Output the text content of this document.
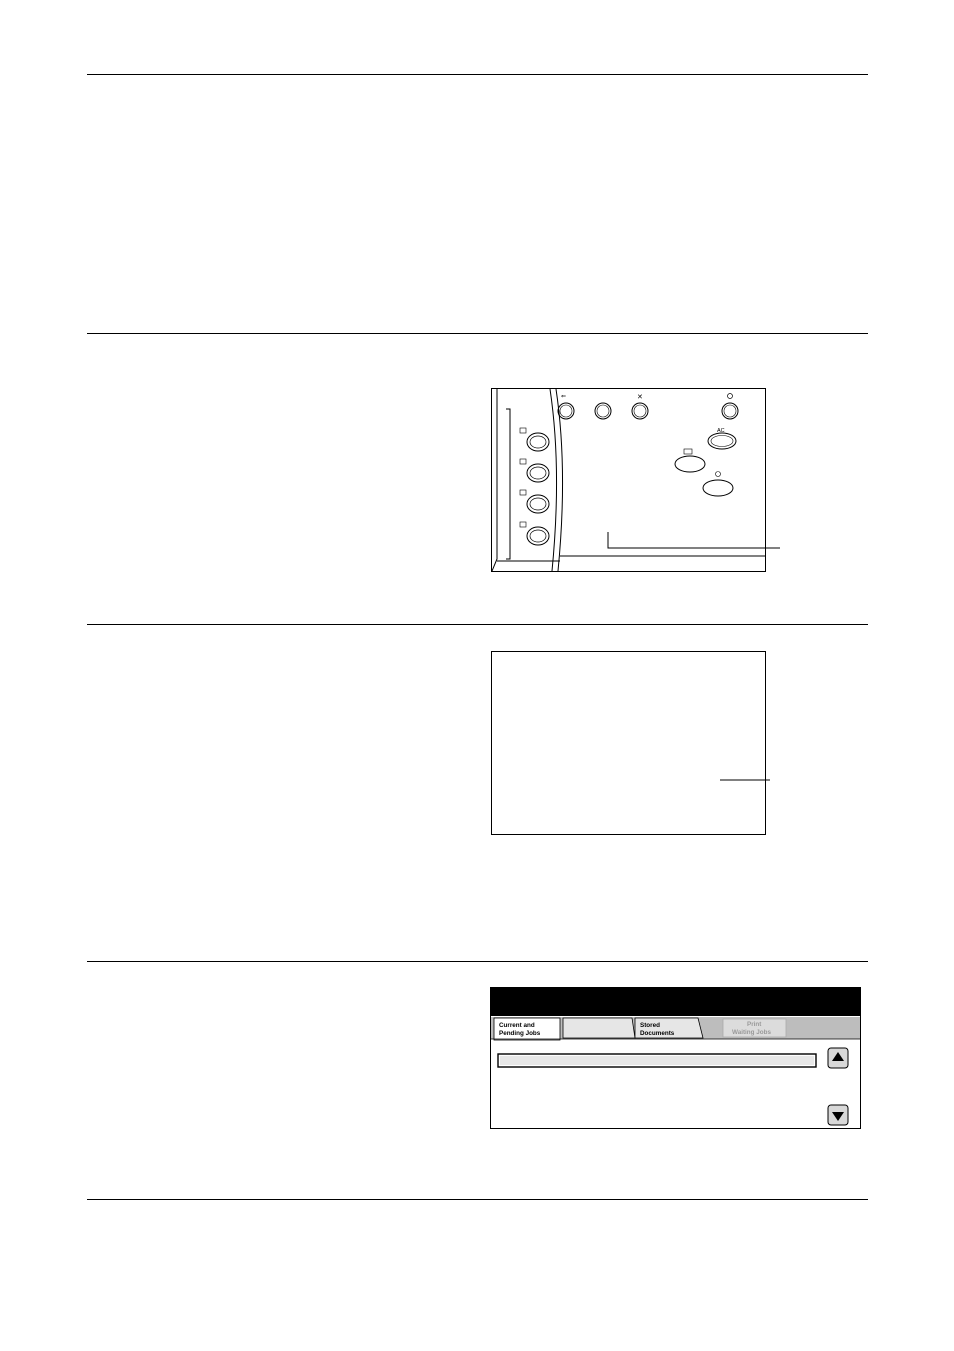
⇐	✕
AC
Current and
Pending Jobs
Stored
Documents
Print
Waiting Jobs
